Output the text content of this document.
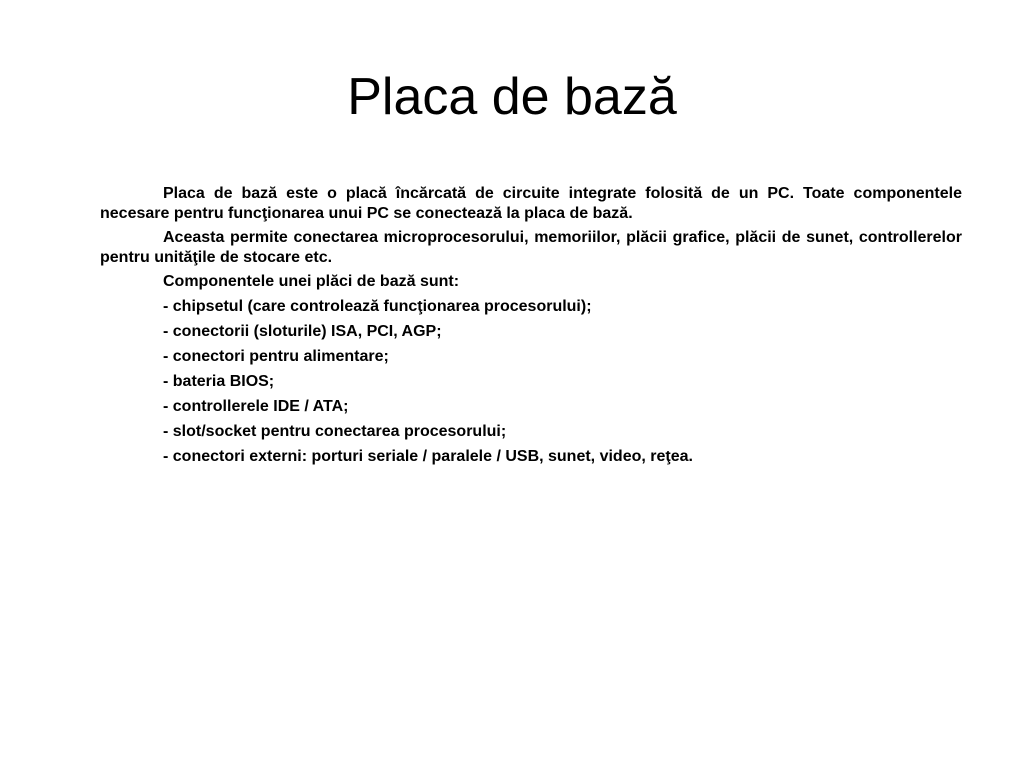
Placa de bază

Placa de bază este o placă încărcată de circuite integrate folosită de un PC. Toate componentele necesare pentru funcţionarea unui PC se conectează la placa de bază.

Aceasta permite conectarea microprocesorului, memoriilor, plăcii grafice, plăcii de sunet, controllerelor pentru unităţile de stocare etc.

Componentele unei plăci de bază sunt:

- chipsetul (care controlează funcţionarea procesorului);

- conectorii (sloturile) ISA, PCI, AGP;

- conectori pentru alimentare;

- bateria BIOS;

- controllerele IDE / ATA;

- slot/socket pentru conectarea procesorului;

- conectori externi: porturi seriale / paralele / USB, sunet, video, reţea.
